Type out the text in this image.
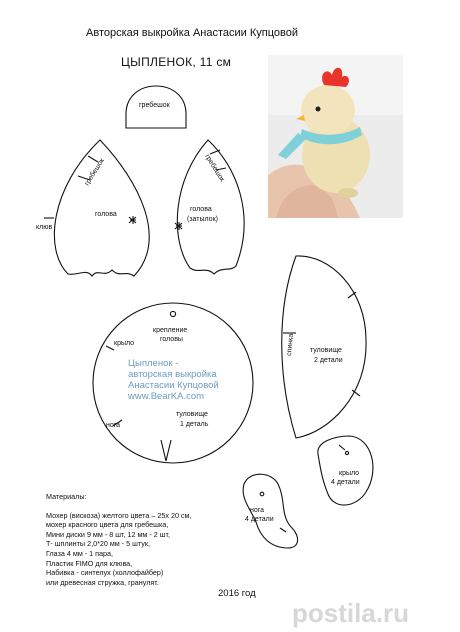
Авторская выкройка Анастасии Купцовой
ЦЫПЛЕНОК, 11 см
гребешок
гребешок
голова
клюв
гребешок
голова
(затылок)
крепление
головы
крыло
нога
туловище
1 деталь
спинка туловище
2 детали
крыло
4 детали
нога
4 детали
Цыпленок -
авторская выкройка
Анастасии Купцовой
www.BearKA.com
Материалы:
Мохер (вискоза) желтого цвета – 25х 20 см,
мохер красного цвета для гребешка,
Мини диски 9 мм - 8 шт, 12 мм - 2 шт,
Т- шплинты 2,0*20 мм - 5 штук,
Глаза 4 мм - 1 пара,
Пластик FIMO для клюва,
Набивка - синтелух (холлофайбер)
или древесная стружка, гранулят.
2016 год
postila.ru
